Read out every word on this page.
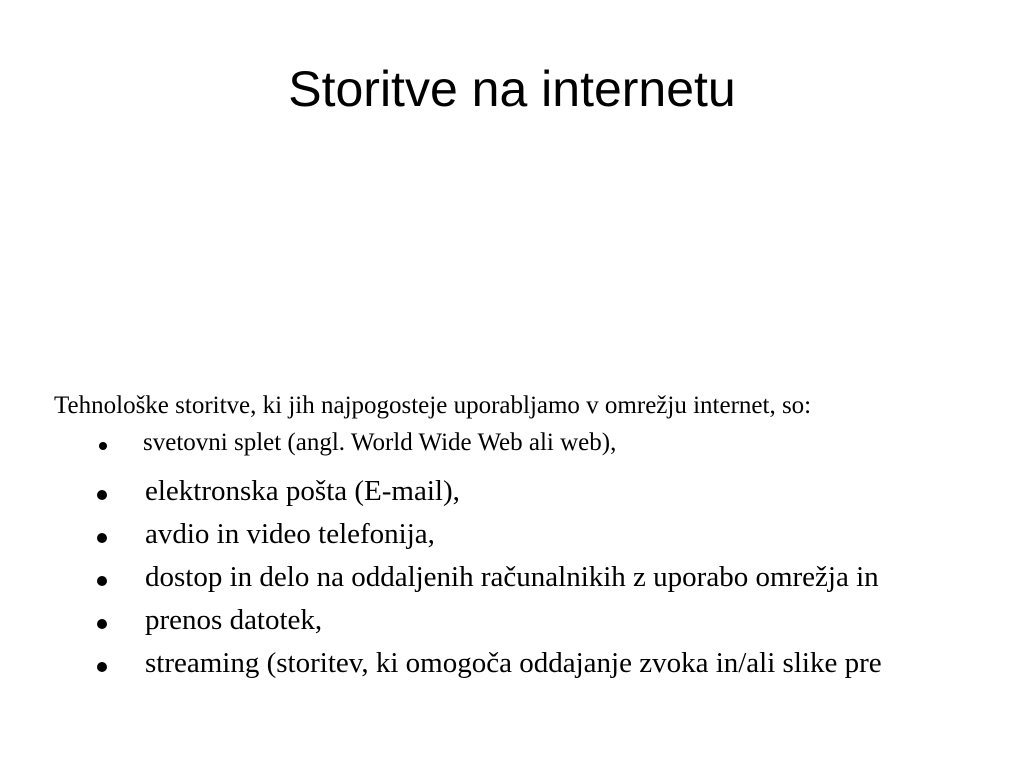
Storitve na internetu

Tehnološke storitve, ki jih najpogosteje uporabljamo v omrežju internet, so:

svetovni splet (angl. World Wide Web ali web),
elektronska pošta (E-mail),
avdio in video telefonija,
dostop in delo na oddaljenih računalnikih z uporabo omrežja in
prenos datotek,
streaming (storitev, ki omogoča oddajanje zvoka in/ali slike pre
